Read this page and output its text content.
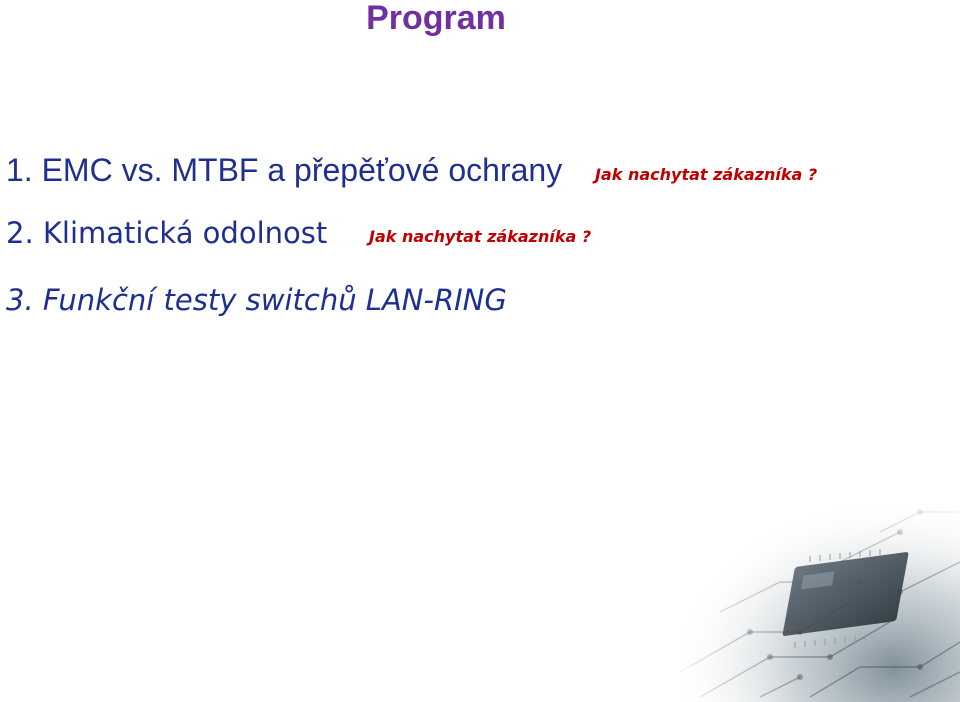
Program
1. EMC vs. MTBF a přepěťové ochrany Jak nachytat zákazníka ?
2. Klimatická odolnost	Jak nachytat zákazníka ?
3. Funkční testy switchů LAN-RING
